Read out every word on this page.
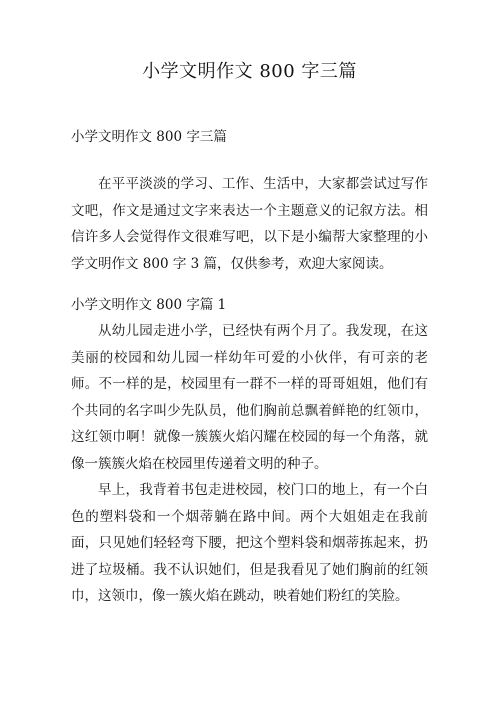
小学文明作文 800 字三篇

小学文明作文 800 字三篇

在平平淡淡的学习、工作、生活中，大家都尝试过写作文吧，作文是通过文字来表达一个主题意义的记叙方法。相信许多人会觉得作文很难写吧，以下是小编帮大家整理的小学文明作文 800 字 3 篇，仅供参考，欢迎大家阅读。

小学文明作文 800 字篇 1

从幼儿园走进小学，已经快有两个月了。我发现，在这美丽的校园和幼儿园一样幼年可爱的小伙伴，有可亲的老师。不一样的是，校园里有一群不一样的哥哥姐姐，他们有个共同的名字叫少先队员，他们胸前总飘着鲜艳的红领巾，这红领巾啊！就像一簇簇火焰闪耀在校园的每一个角落，就像一簇簇火焰在校园里传递着文明的种子。

早上，我背着书包走进校园，校门口的地上，有一个白色的塑料袋和一个烟蒂躺在路中间。两个大姐姐走在我前面，只见她们轻轻弯下腰，把这个塑料袋和烟蒂拣起来，扔进了垃圾桶。我不认识她们，但是我看见了她们胸前的红领巾，这领巾，像一簇火焰在跳动，映着她们粉红的笑脸。
